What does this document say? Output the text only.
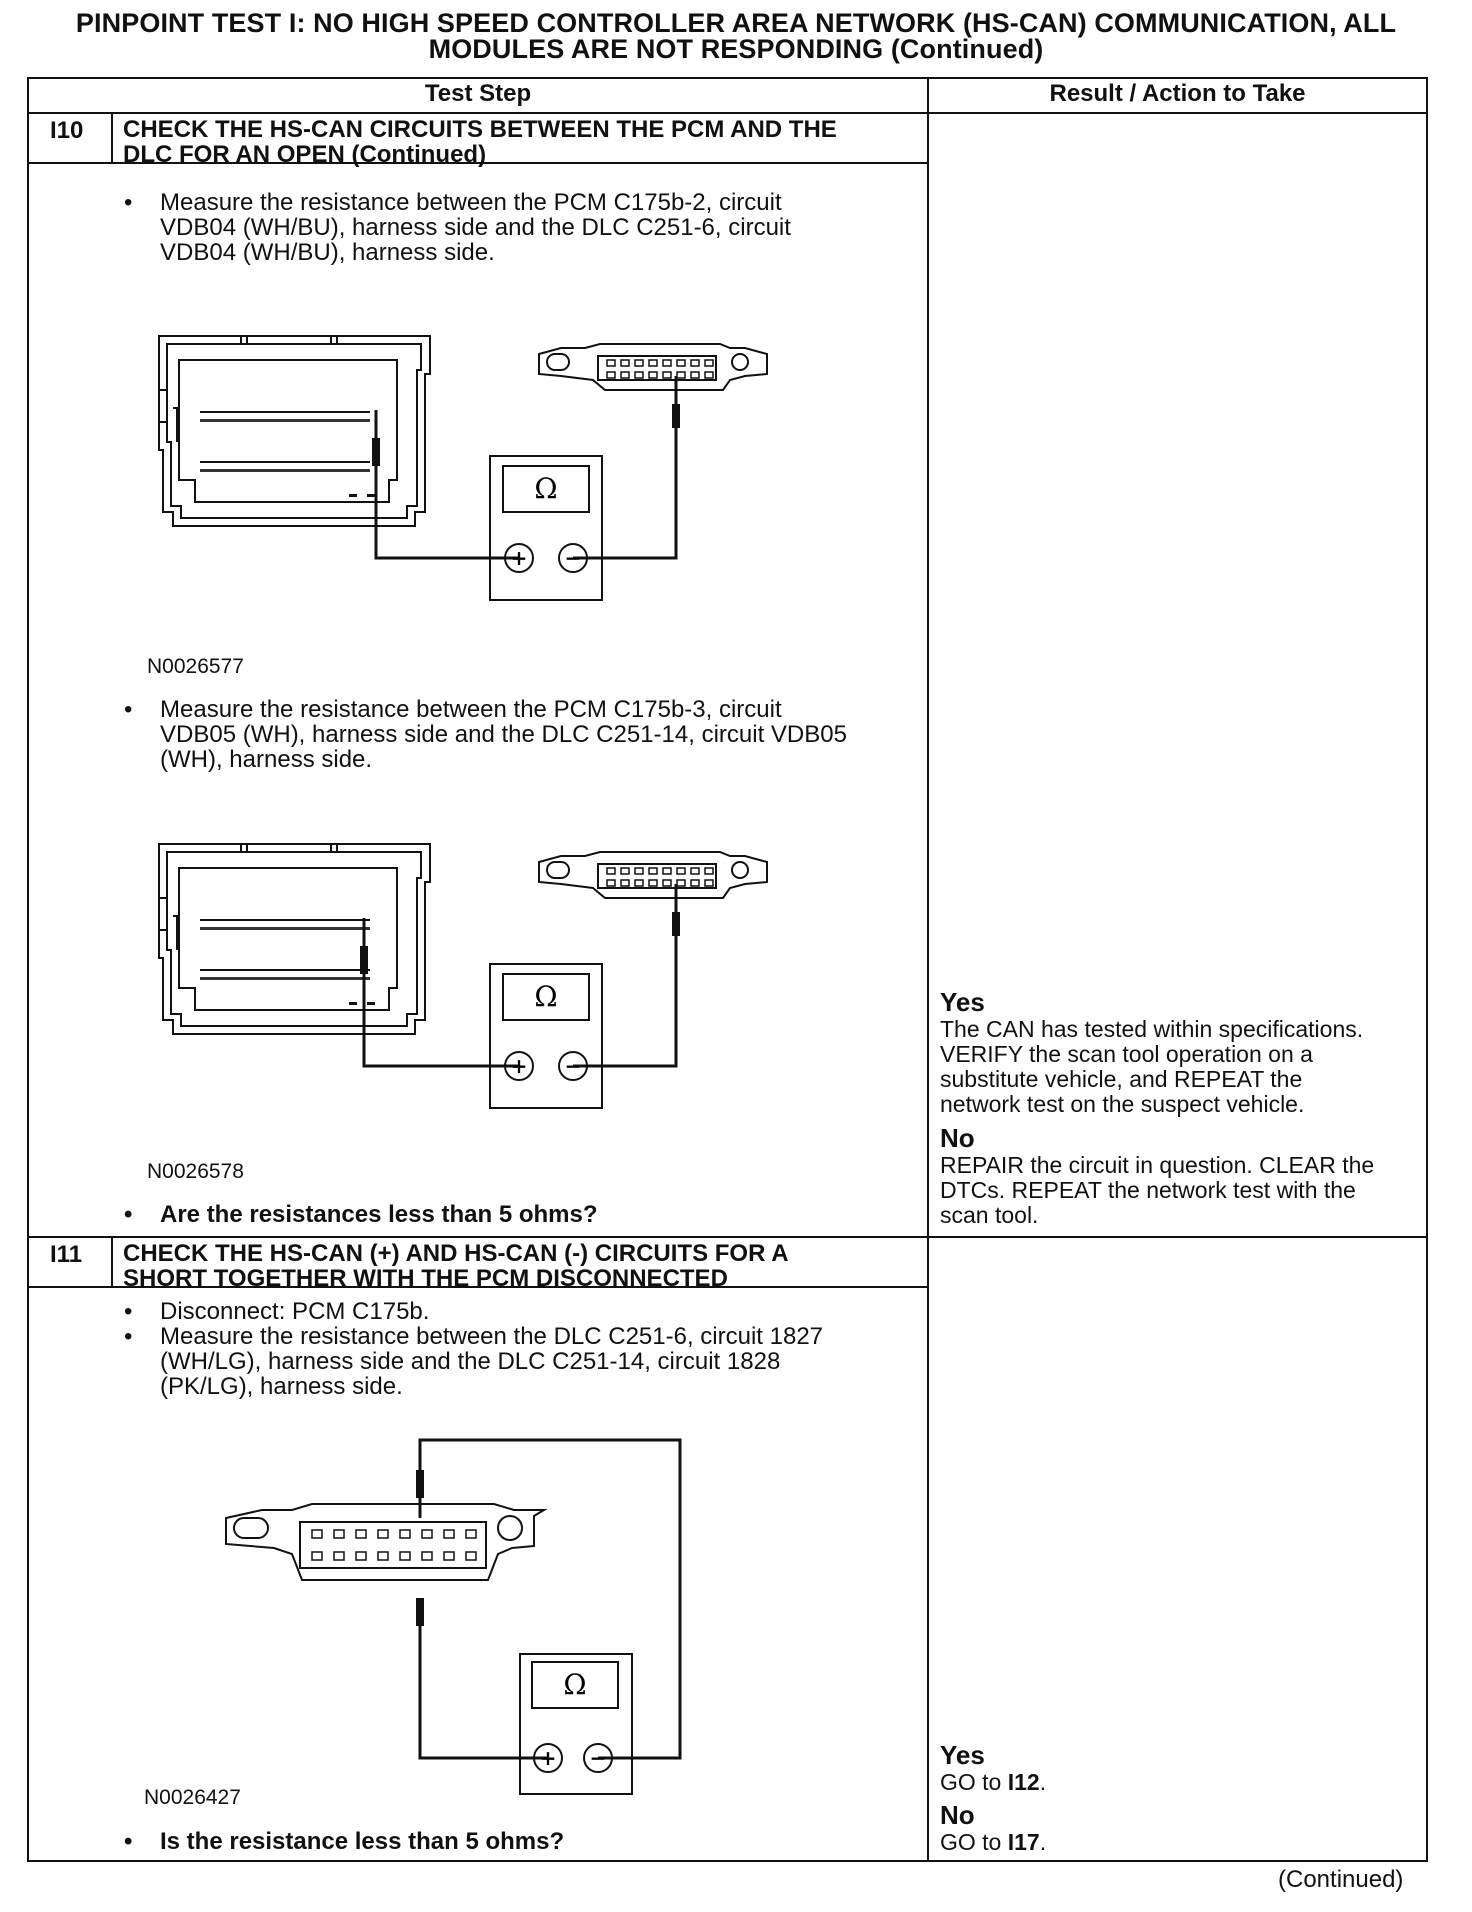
PINPOINT TEST I: NO HIGH SPEED CONTROLLER AREA NETWORK (HS-CAN) COMMUNICATION, ALL
MODULES ARE NOT RESPONDING (Continued)
Test Step	Result / Action to Take
I10 CHECK THE HS-CAN CIRCUITS BETWEEN THE PCM AND THE
DLC FOR AN OPEN (Continued)
• Measure the resistance between the PCM C175b-2, circuit
VDB04 (WH/BU), harness side and the DLC C251-6, circuit
VDB04 (WH/BU), harness side.
Ω
+ −
N0026577
• Measure the resistance between the PCM C175b-3, circuit
VDB05 (WH), harness side and the DLC C251-14, circuit VDB05
(WH), harness side.
Ω
+ −
N0026578
• Are the resistances less than 5 ohms?
Yes
The CAN has tested within specifications.
VERIFY the scan tool operation on a
substitute vehicle, and REPEAT the
network test on the suspect vehicle.
No
REPAIR the circuit in question. CLEAR the
DTCs. REPEAT the network test with the
scan tool.
I11 CHECK THE HS-CAN (+) AND HS-CAN (-) CIRCUITS FOR A
SHORT TOGETHER WITH THE PCM DISCONNECTED
• Disconnect: PCM C175b.
• Measure the resistance between the DLC C251-6, circuit 1827
(WH/LG), harness side and the DLC C251-14, circuit 1828
(PK/LG), harness side.
Ω
+ −
N0026427
• Is the resistance less than 5 ohms?
Yes
GO to I12.
No
GO to I17.
(Continued)
